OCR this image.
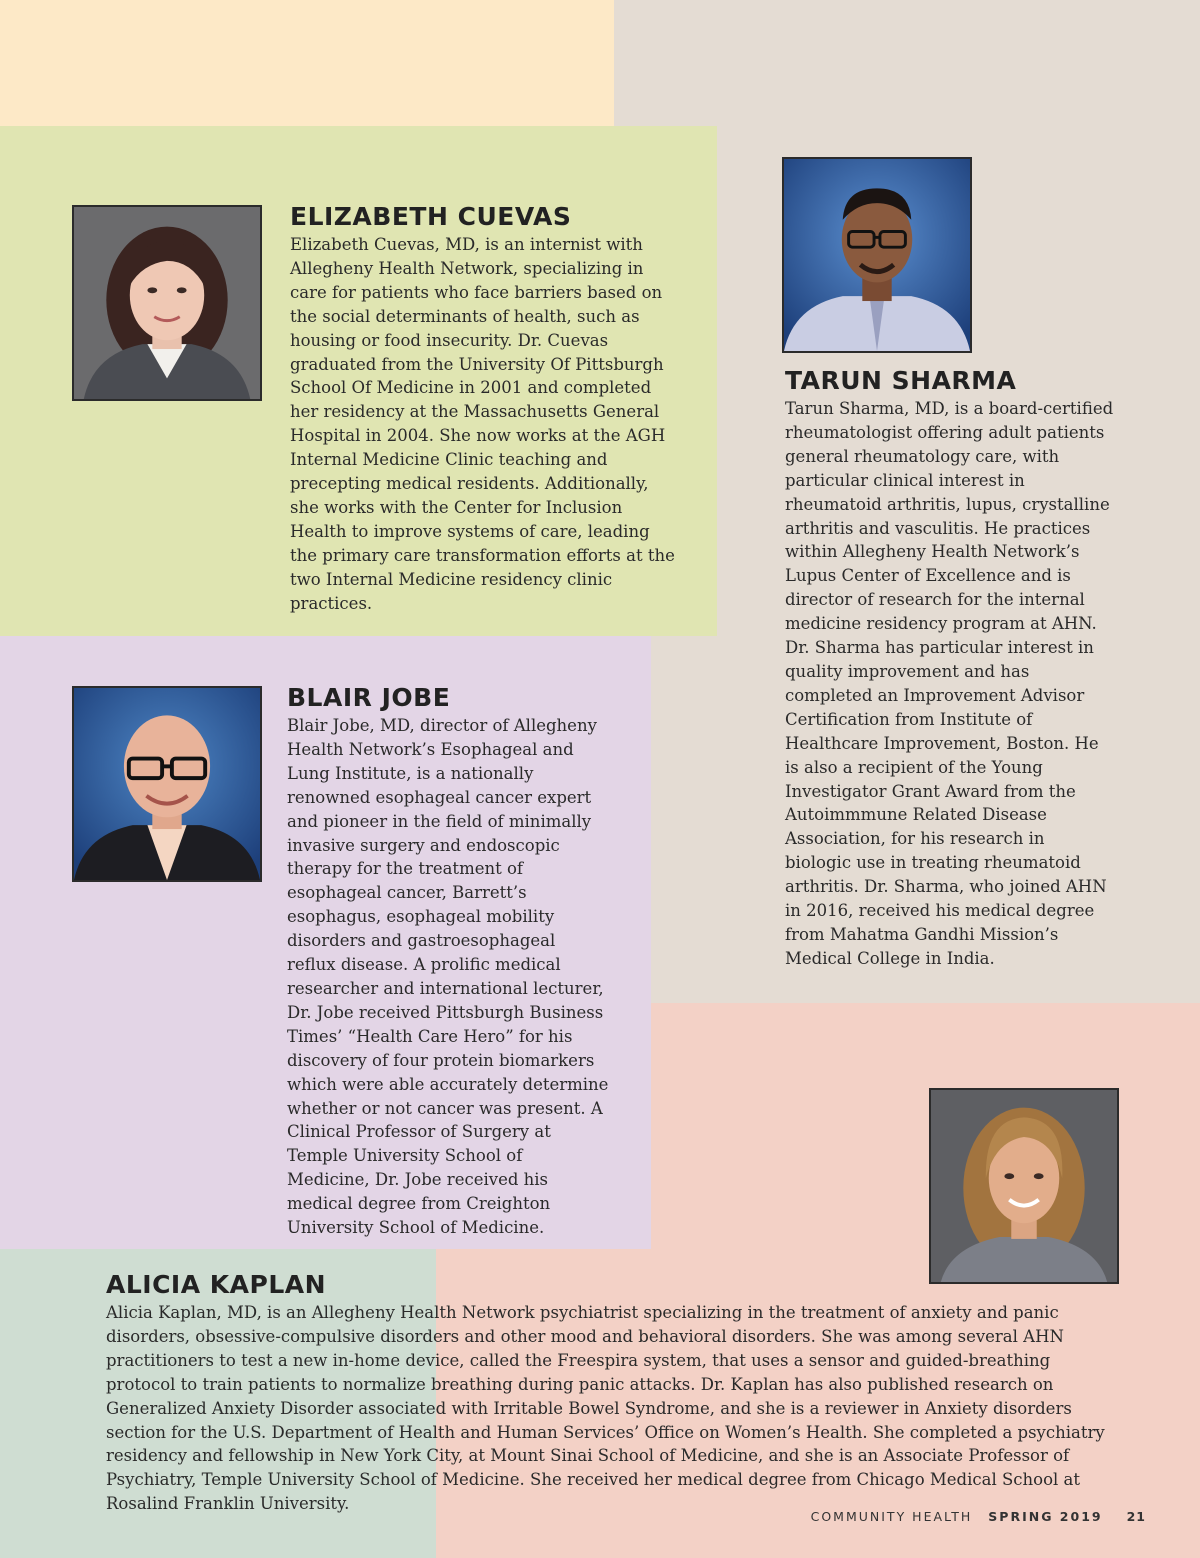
ELIZABETH CUEVAS

Elizabeth Cuevas, MD, is an internist with Allegheny Health Network, specializing in care for patients who face barriers based on the social determinants of health, such as housing or food insecurity. Dr. Cuevas graduated from the University Of Pittsburgh School Of Medicine in 2001 and completed her residency at the Massachusetts General Hospital in 2004. She now works at the AGH Internal Medicine Clinic teaching and precepting medical residents. Additionally, she works with the Center for Inclusion Health to improve systems of care, leading the primary care transformation efforts at the two Internal Medicine residency clinic practices.

TARUN SHARMA

Tarun Sharma, MD, is a board-certified rheumatologist offering adult patients general rheumatology care, with particular clinical interest in rheumatoid arthritis, lupus, crystalline arthritis and vasculitis. He practices within Allegheny Health Network’s Lupus Center of Excellence and is director of research for the internal medicine residency program at AHN. Dr. Sharma has particular interest in quality improvement and has completed an Improvement Advisor Certification from Institute of Healthcare Improvement, Boston. He is also a recipient of the Young Investigator Grant Award from the Autoimmmune Related Disease Association, for his research in biologic use in treating rheumatoid arthritis. Dr. Sharma, who joined AHN in 2016, received his medical degree from Mahatma Gandhi Mission’s Medical College in India.

BLAIR JOBE

Blair Jobe, MD, director of Allegheny Health Network’s Esophageal and Lung Institute, is a nationally renowned esophageal cancer expert and pioneer in the field of minimally invasive surgery and endoscopic therapy for the treatment of esophageal cancer, Barrett’s esophagus, esophageal mobility disorders and gastroesophageal reflux disease. A prolific medical researcher and international lecturer, Dr. Jobe received Pittsburgh Business Times’ “Health Care Hero” for his discovery of four protein biomarkers which were able accurately determine whether or not cancer was present. A Clinical Professor of Surgery at Temple University School of Medicine, Dr. Jobe received his medical degree from Creighton University School of Medicine.

ALICIA KAPLAN

Alicia Kaplan, MD, is an Allegheny Health Network psychiatrist specializing in the treatment of anxiety and panic disorders, obsessive-compulsive disorders and other mood and behavioral disorders. She was among several AHN practitioners to test a new in-home device, called the Freespira system, that uses a sensor and guided-breathing protocol to train patients to normalize breathing during panic attacks. Dr. Kaplan has also published research on Generalized Anxiety Disorder associated with Irritable Bowel Syndrome, and she is a reviewer in Anxiety disorders section for the U.S. Department of Health and Human Services’ Office on Women’s Health. She completed a psychiatry residency and fellowship in New York City, at Mount Sinai School of Medicine, and she is an Associate Professor of Psychiatry, Temple University School of Medicine. She received her medical degree from Chicago Medical School at Rosalind Franklin University.

COMMUNITY HEALTH SPRING 2019 21
